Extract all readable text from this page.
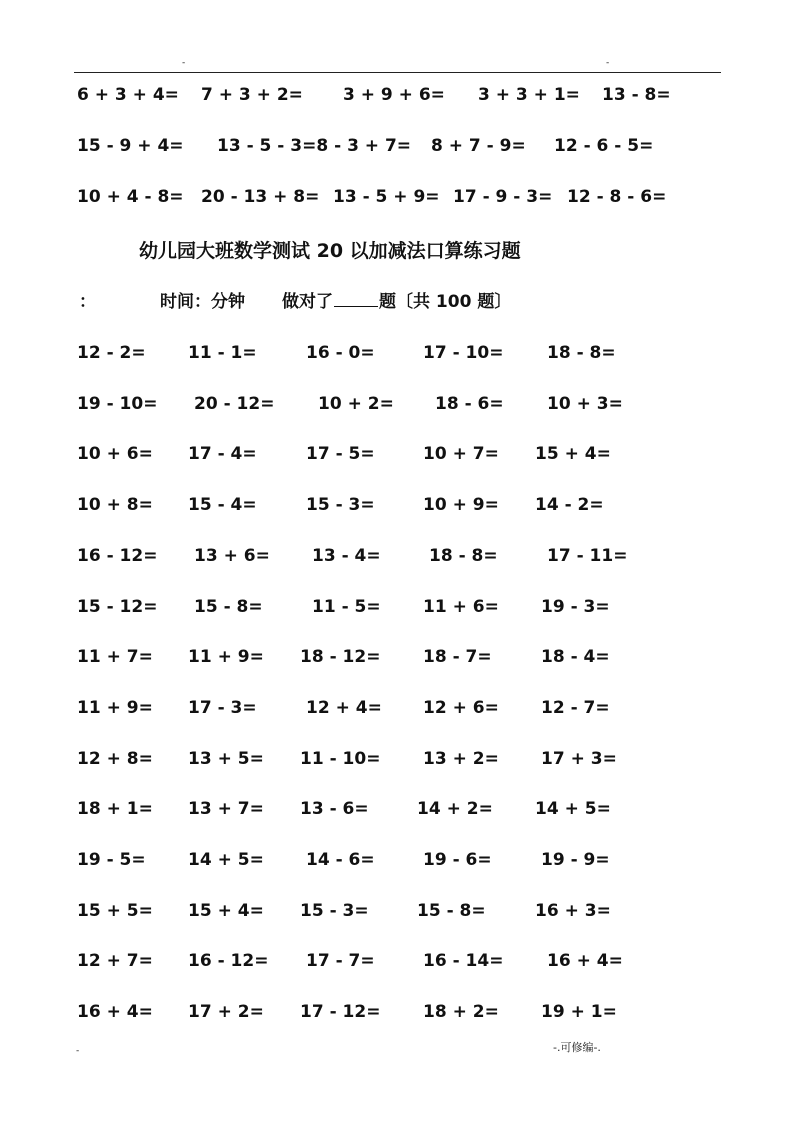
-	-
6 + 3 + 4= 7 + 3 + 2= 3 + 9 + 6= 3 + 3 + 1= 13 - 8=
15 - 9 + 4= 13 - 5 - 3=8 - 3 + 7= 8 + 7 - 9= 12 - 6 - 5=
10 + 4 - 8= 20 - 13 + 8= 13 - 5 + 9= 17 - 9 - 3= 12 - 8 - 6=
幼儿园大班数学测试 20 以加减法口算练习题
：	时间：分钟 做对了	题〔共 100 题〕
12 - 2= 11 - 1=	16 - 0=	17 - 10=	18 - 8=
19 - 10= 20 - 12=	10 + 2= 18 - 6=	10 + 3=
10 + 6= 17 - 4=	17 - 5=	10 + 7= 15 + 4=
10 + 8= 15 - 4=	15 - 3=	10 + 9= 14 - 2=
16 - 12= 13 + 6= 13 - 4=	18 - 8=	17 - 11=
15 - 12= 15 - 8=	11 - 5= 11 + 6= 19 - 3=
11 + 7= 11 + 9= 18 - 12=	18 - 7=	18 - 4=
11 + 9= 17 - 3=	12 + 4= 12 + 6= 12 - 7=
12 + 8= 13 + 5= 11 - 10=	13 + 2= 17 + 3=
18 + 1= 13 + 7= 13 - 6=	14 + 2= 14 + 5=
19 - 5= 14 + 5= 14 - 6=	19 - 6=	19 - 9=
15 + 5= 15 + 4= 15 - 3=	15 - 8=	16 + 3=
12 + 7= 16 - 12= 17 - 7=	16 - 14=	16 + 4=
16 + 4= 17 + 2= 17 - 12=	18 + 2= 19 + 1=
-	-.可修编-.
